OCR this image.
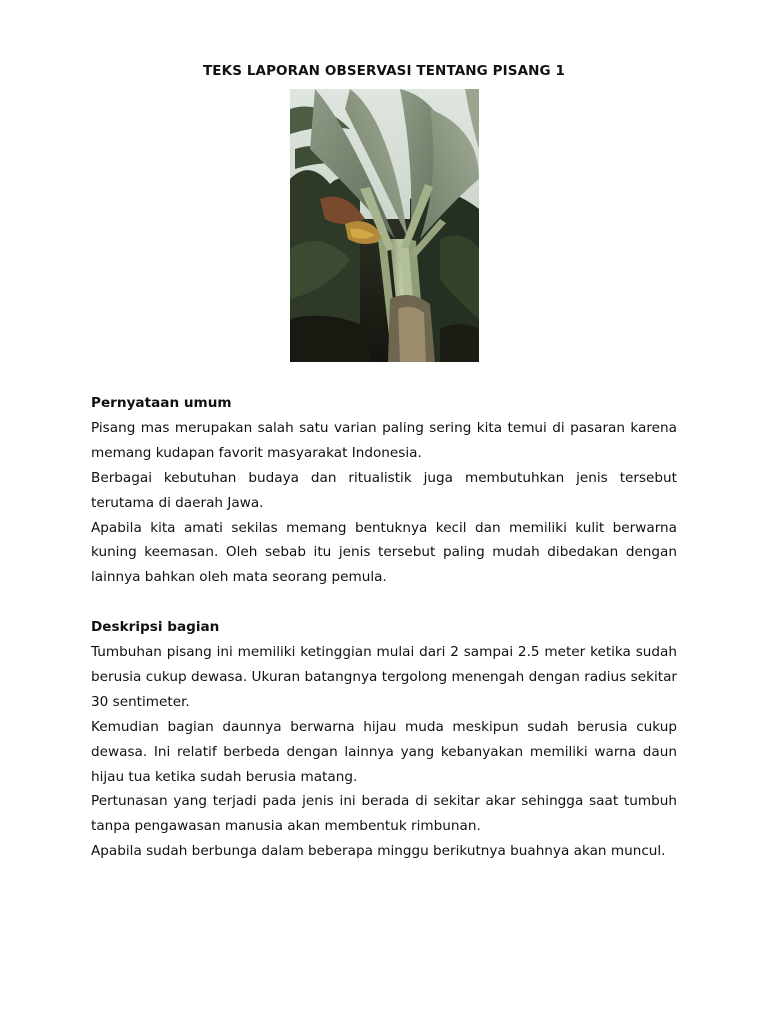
TEKS LAPORAN OBSERVASI TENTANG PISANG 1

Pernyataan umum

Pisang mas merupakan salah satu varian paling sering kita temui di pasaran karena memang kudapan favorit masyarakat Indonesia.

Berbagai kebutuhan budaya dan ritualistik juga membutuhkan jenis tersebut terutama di daerah Jawa.

Apabila kita amati sekilas memang bentuknya kecil dan memiliki kulit berwarna kuning keemasan. Oleh sebab itu jenis tersebut paling mudah dibedakan dengan lainnya bahkan oleh mata seorang pemula.

Deskripsi bagian

Tumbuhan pisang ini memiliki ketinggian mulai dari 2 sampai 2.5 meter ketika sudah berusia cukup dewasa. Ukuran batangnya tergolong menengah dengan radius sekitar 30 sentimeter.

Kemudian bagian daunnya berwarna hijau muda meskipun sudah berusia cukup dewasa. Ini relatif berbeda dengan lainnya yang kebanyakan memiliki warna daun hijau tua ketika sudah berusia matang.

Pertunasan yang terjadi pada jenis ini berada di sekitar akar sehingga saat tumbuh tanpa pengawasan manusia akan membentuk rimbunan.

Apabila sudah berbunga dalam beberapa minggu berikutnya buahnya akan muncul.
